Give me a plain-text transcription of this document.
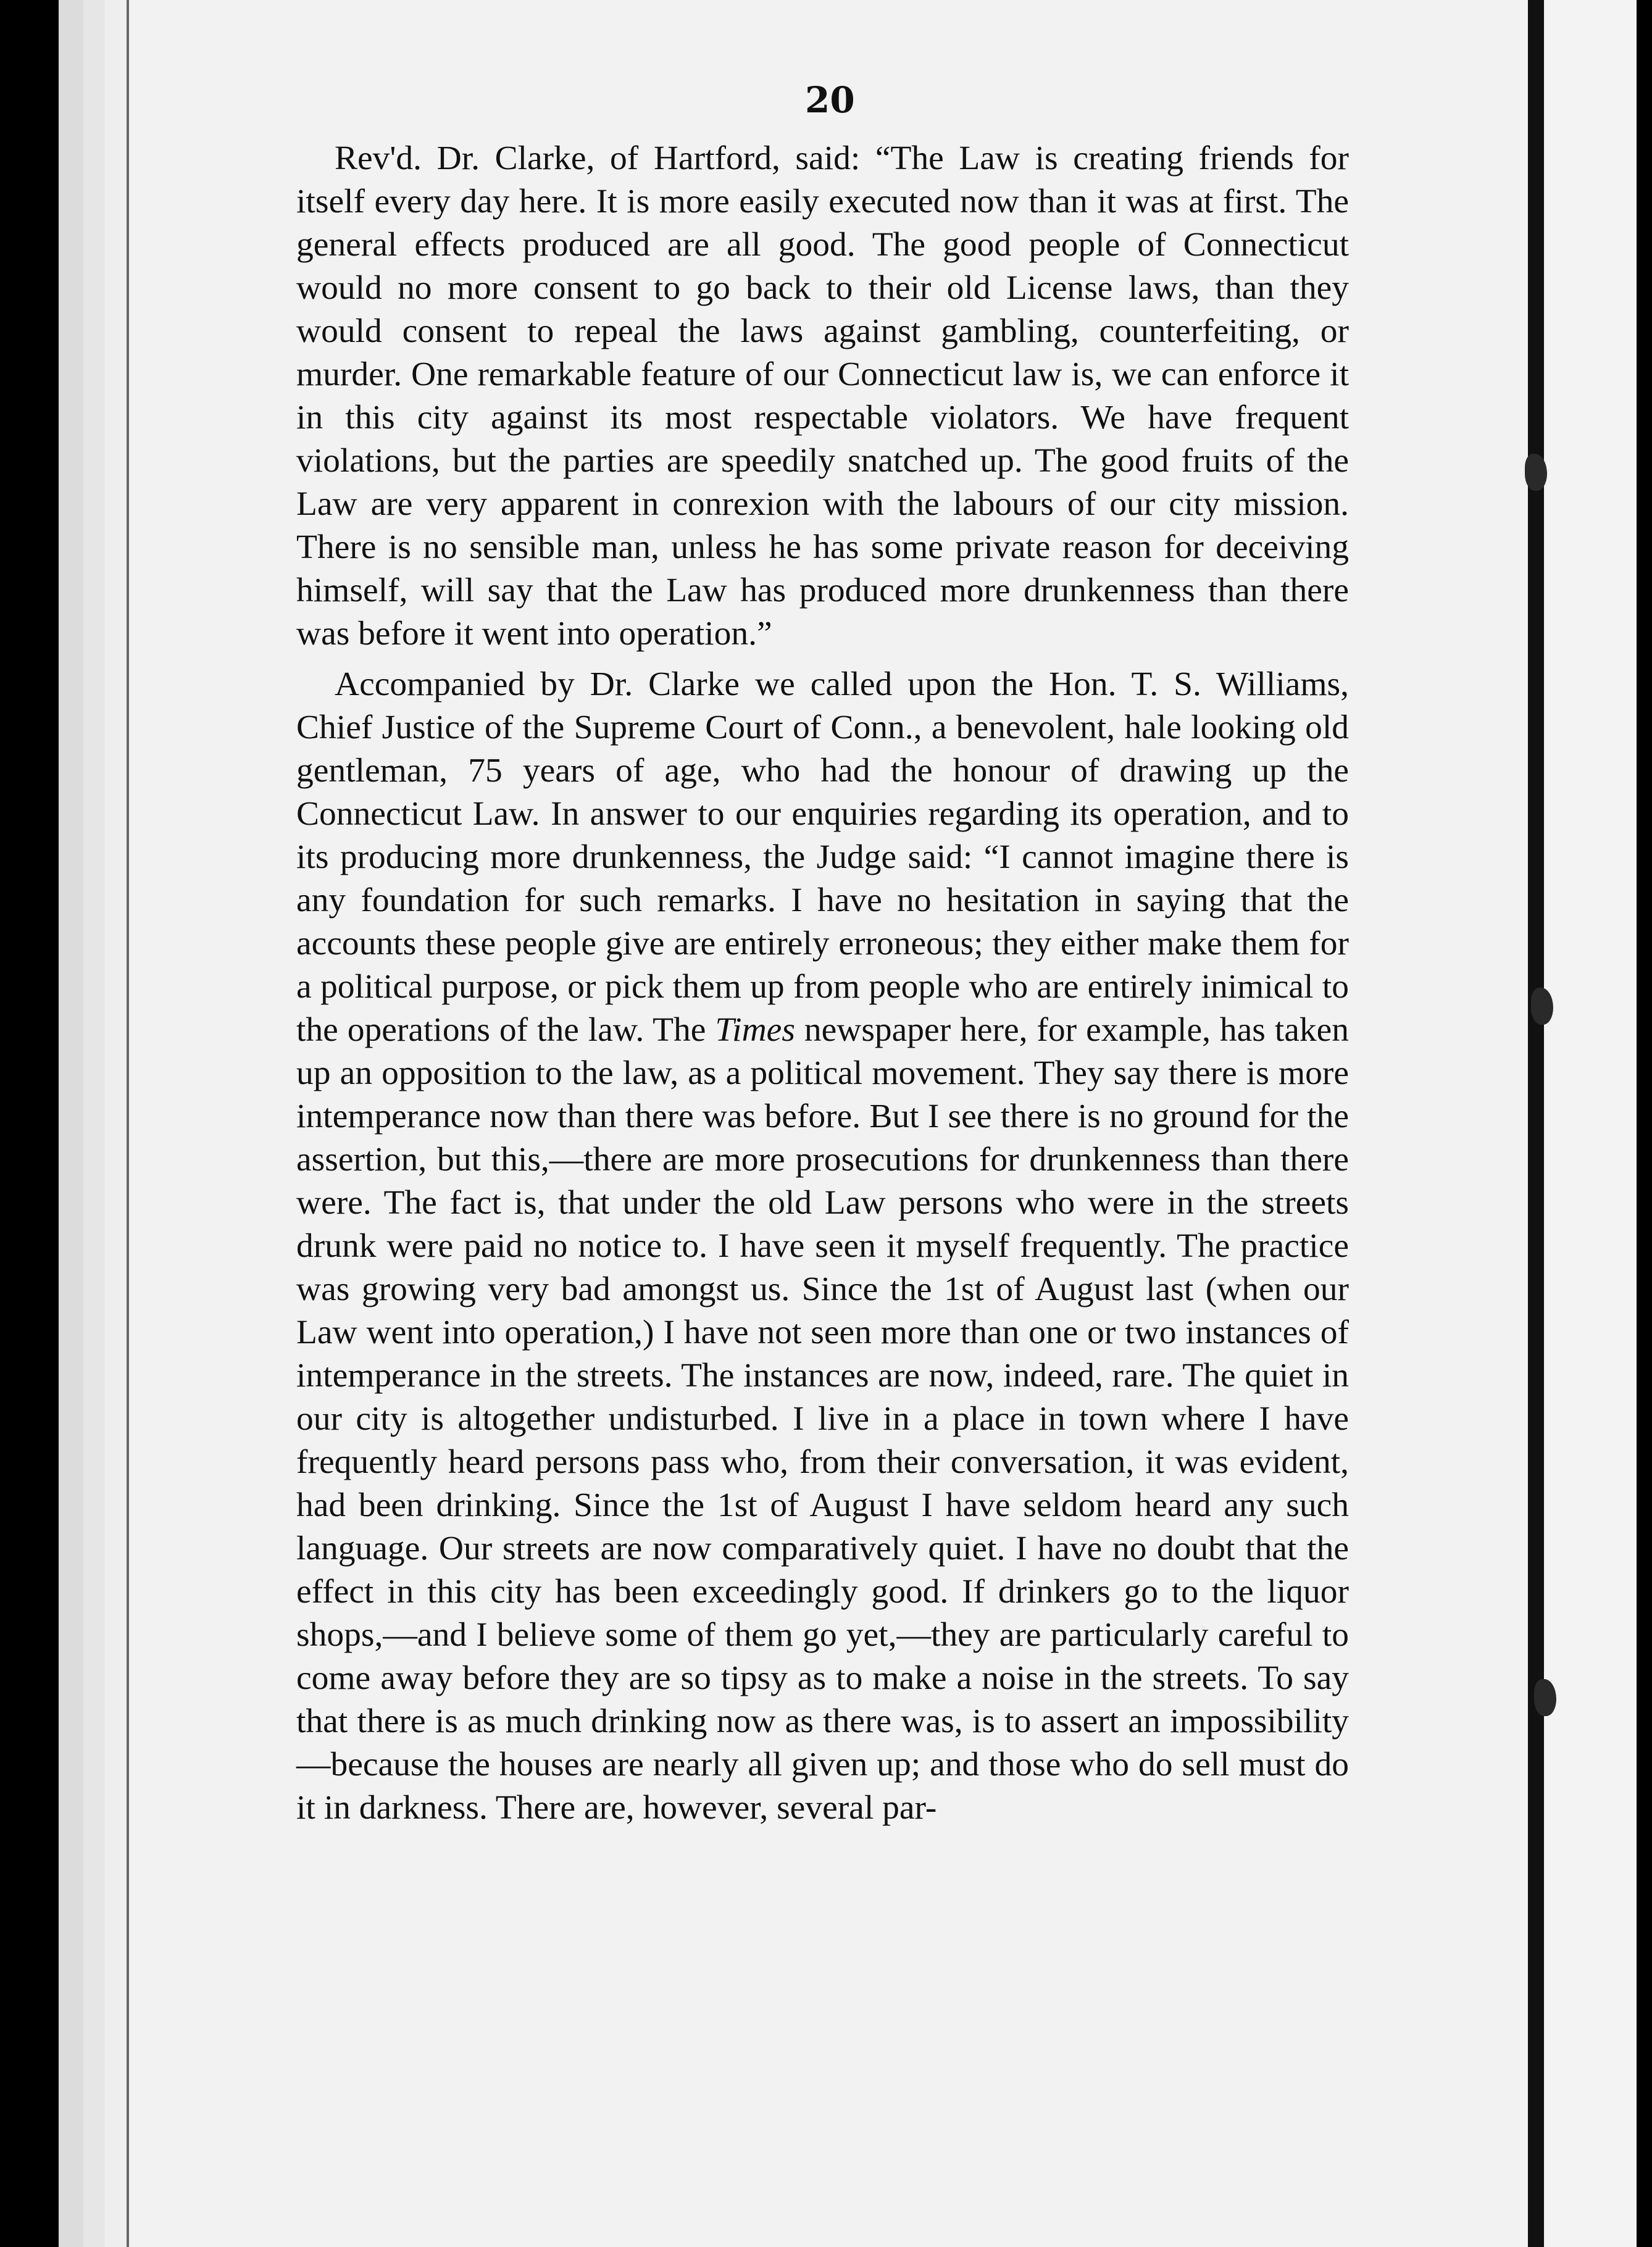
20

Rev'd. Dr. Clarke, of Hartford, said: “The Law is creating friends for itself every day here. It is more easily executed now than it was at first. The general effects produced are all good. The good people of Connecticut would no more consent to go back to their old License laws, than they would consent to repeal the laws against gambling, counterfeiting, or murder. One remarkable feature of our Connecticut law is, we can enforce it in this city against its most respectable violators. We have frequent violations, but the parties are speedily snatched up. The good fruits of the Law are very apparent in conrexion with the labours of our city mission. There is no sensible man, unless he has some private reason for deceiving himself, will say that the Law has produced more drunkenness than there was before it went into operation.”

Accompanied by Dr. Clarke we called upon the Hon. T. S. Williams, Chief Justice of the Supreme Court of Conn., a benevolent, hale looking old gentleman, 75 years of age, who had the honour of drawing up the Connecticut Law. In answer to our enquiries regarding its operation, and to its producing more drunkenness, the Judge said: “I cannot imagine there is any foundation for such remarks. I have no hesitation in saying that the accounts these people give are entirely erroneous; they either make them for a political purpose, or pick them up from people who are entirely inimical to the operations of the law. The Times newspaper here, for example, has taken up an opposition to the law, as a political movement. They say there is more intemperance now than there was before. But I see there is no ground for the assertion, but this,—there are more prosecutions for drunkenness than there were. The fact is, that under the old Law persons who were in the streets drunk were paid no notice to. I have seen it myself frequently. The practice was growing very bad amongst us. Since the 1st of August last (when our Law went into operation,) I have not seen more than one or two instances of intemperance in the streets. The instances are now, indeed, rare. The quiet in our city is altogether undisturbed. I live in a place in town where I have frequently heard persons pass who, from their conversation, it was evident, had been drinking. Since the 1st of August I have seldom heard any such language. Our streets are now comparatively quiet. I have no doubt that the effect in this city has been exceedingly good. If drinkers go to the liquor shops,—and I believe some of them go yet,—they are particularly careful to come away before they are so tipsy as to make a noise in the streets. To say that there is as much drinking now as there was, is to assert an impossibility—because the houses are nearly all given up; and those who do sell must do it in darkness. There are, however, several par-
